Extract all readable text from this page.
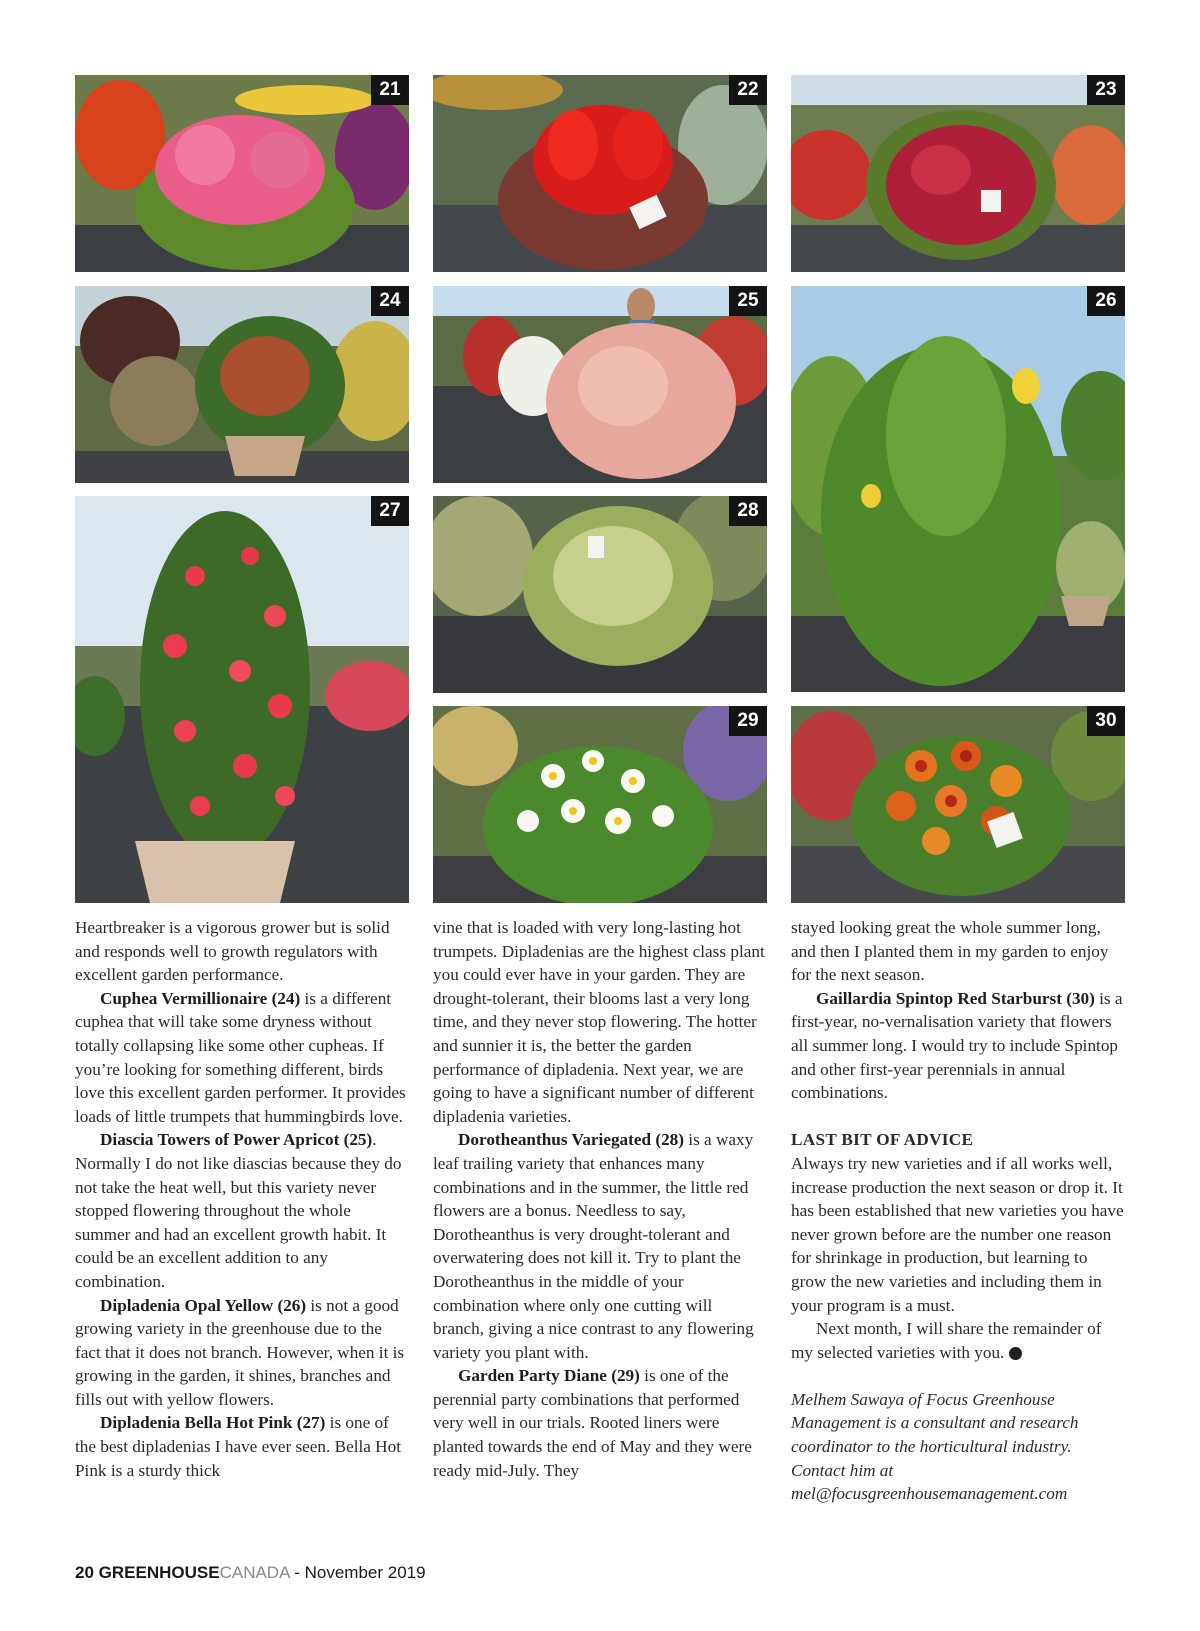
21	22	23
24	25	26
27	28
29	30

Heartbreaker is a vigorous grower but is solid and responds well to growth regulators with excellent garden performance.

Cuphea Vermillionaire (24) is a different cuphea that will take some dryness without totally collapsing like some other cupheas. If you’re looking for something different, birds love this excellent garden performer. It provides loads of little trumpets that hummingbirds love.

Diascia Towers of Power Apricot (25). Normally I do not like diascias because they do not take the heat well, but this variety never stopped flowering throughout the whole summer and had an excellent growth habit. It could be an excellent addition to any combination.

Dipladenia Opal Yellow (26) is not a good growing variety in the greenhouse due to the fact that it does not branch. However, when it is growing in the garden, it shines, branches and fills out with yellow flowers.

Dipladenia Bella Hot Pink (27) is one of the best dipladenias I have ever seen. Bella Hot Pink is a sturdy thick

vine that is loaded with very long-lasting hot trumpets. Dipladenias are the highest class plant you could ever have in your garden. They are drought-tolerant, their blooms last a very long time, and they never stop flowering. The hotter and sunnier it is, the better the garden performance of dipladenia. Next year, we are going to have a significant number of different dipladenia varieties.

Dorotheanthus Variegated (28) is a waxy leaf trailing variety that enhances many combinations and in the summer, the little red flowers are a bonus. Needless to say, Dorotheanthus is very drought-tolerant and overwatering does not kill it. Try to plant the Dorotheanthus in the middle of your combination where only one cutting will branch, giving a nice contrast to any flowering variety you plant with.

Garden Party Diane (29) is one of the perennial party combinations that performed very well in our trials. Rooted liners were planted towards the end of May and they were ready mid-July. They

stayed looking great the whole summer long, and then I planted them in my garden to enjoy for the next season.

Gaillardia Spintop Red Starburst (30) is a first-year, no-vernalisation variety that flowers all summer long. I would try to include Spintop and other first-year perennials in annual combinations.

LAST BIT OF ADVICE

Always try new varieties and if all works well, increase production the next season or drop it. It has been established that new varieties you have never grown before are the number one reason for shrinkage in production, but learning to grow the new varieties and including them in your program is a must.

Next month, I will share the remainder of my selected varieties with you.	GC

Melhem Sawaya of Focus Greenhouse Management is a consultant and research coordinator to the horticultural industry. Contact him at mel@focusgreenhousemanagement.com

20 GREENHOUSECANADA - November 2019
